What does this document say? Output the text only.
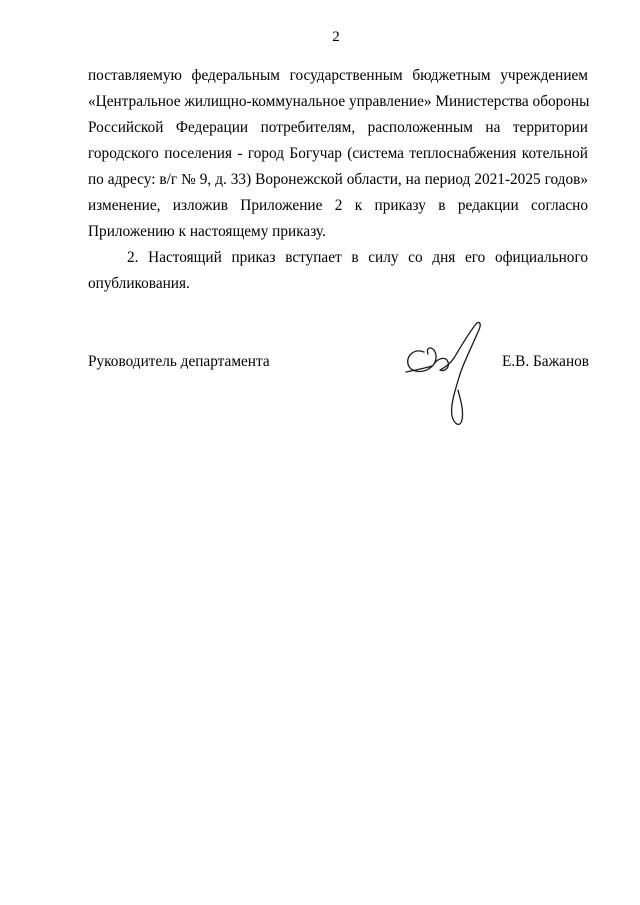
2
поставляемую федеральным государственным бюджетным учреждением
«Центральное жилищно-коммунальное управление» Министерства обороны
Российской Федерации потребителям, расположенным на территории
городского поселения - город Богучар (система теплоснабжения котельной
по адресу: в/г № 9, д. 33) Воронежской области, на период 2021-2025 годов»
изменение, изложив Приложение 2 к приказу в редакции согласно
Приложению к настоящему приказу.
2. Настоящий приказ вступает в силу со дня его официального
опубликования.
Руководитель департамента	Е.В. Бажанов
